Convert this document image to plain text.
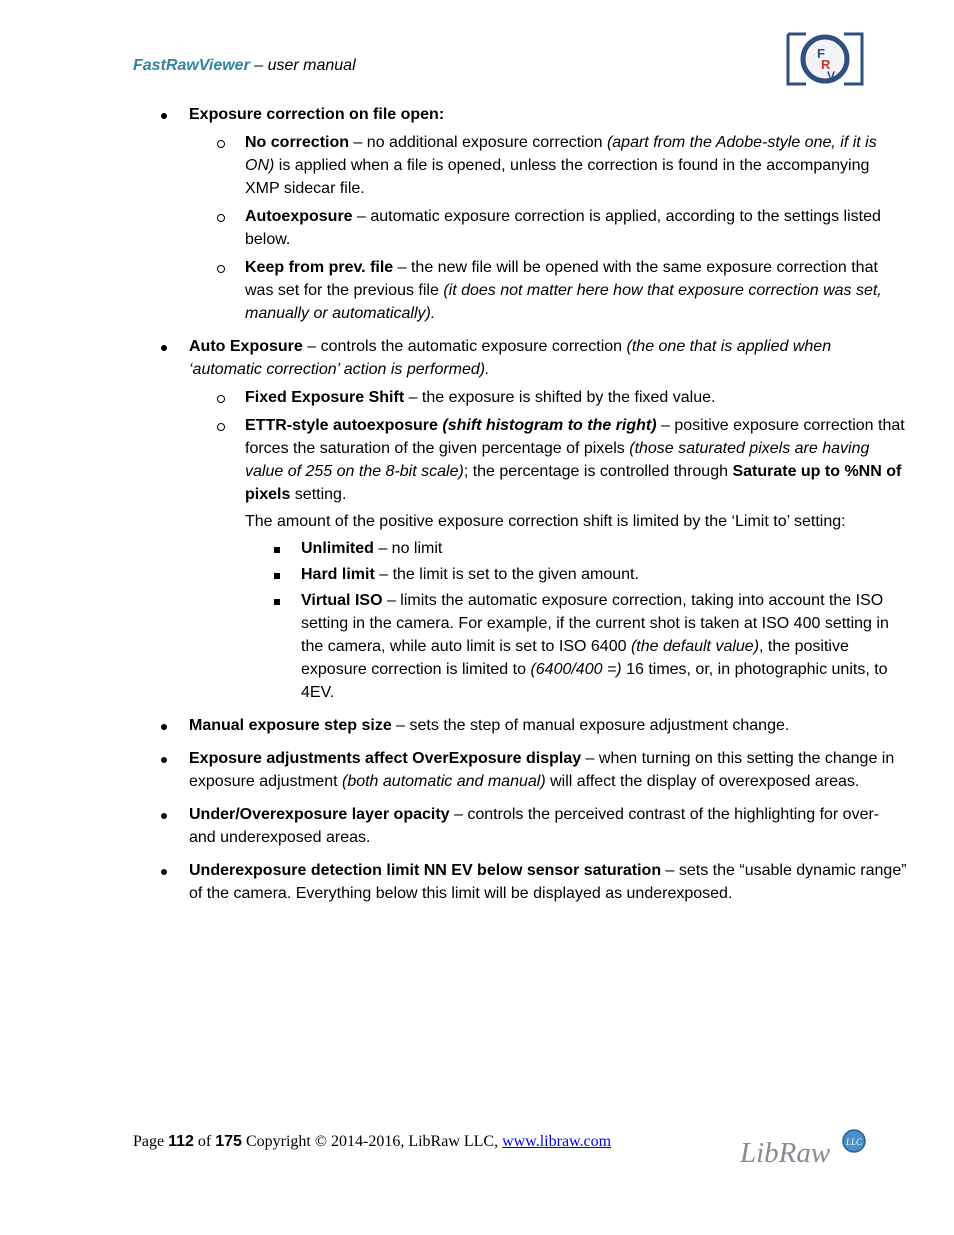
FastRawViewer – user manual
F
R
V
Exposure correction on file open:
No correction – no additional exposure correction (apart from the Adobe-style one, if it is ON) is applied when a file is opened, unless the correction is found in the accompanying XMP sidecar file.
Autoexposure – automatic exposure correction is applied, according to the settings listed below.
Keep from prev. file – the new file will be opened with the same exposure correction that was set for the previous file (it does not matter here how that exposure correction was set, manually or automatically).
Auto Exposure – controls the automatic exposure correction (the one that is applied when ‘automatic correction’ action is performed).
Fixed Exposure Shift – the exposure is shifted by the fixed value.
ETTR-style autoexposure (shift histogram to the right) – positive exposure correction that forces the saturation of the given percentage of pixels (those saturated pixels are having value of 255 on the 8-bit scale); the percentage is controlled through Saturate up to %NN of pixels setting.
The amount of the positive exposure correction shift is limited by the ‘Limit to’ setting:
Unlimited – no limit
Hard limit – the limit is set to the given amount.
Virtual ISO – limits the automatic exposure correction, taking into account the ISO setting in the camera. For example, if the current shot is taken at ISO 400 setting in the camera, while auto limit is set to ISO 6400 (the default value), the positive exposure correction is limited to (6400/400 =) 16 times, or, in photographic units, to 4EV.
Manual exposure step size – sets the step of manual exposure adjustment change.
Exposure adjustments affect OverExposure display – when turning on this setting the change in exposure adjustment (both automatic and manual) will affect the display of overexposed areas.
Under/Overexposure layer opacity – controls the perceived contrast of the highlighting for over- and underexposed areas.
Underexposure detection limit NN EV below sensor saturation – sets the “usable dynamic range” of the camera. Everything below this limit will be displayed as underexposed.
Page 112 of 175 Copyright © 2014-2016, LibRaw LLC, www.libraw.com	LibRaw LLC
